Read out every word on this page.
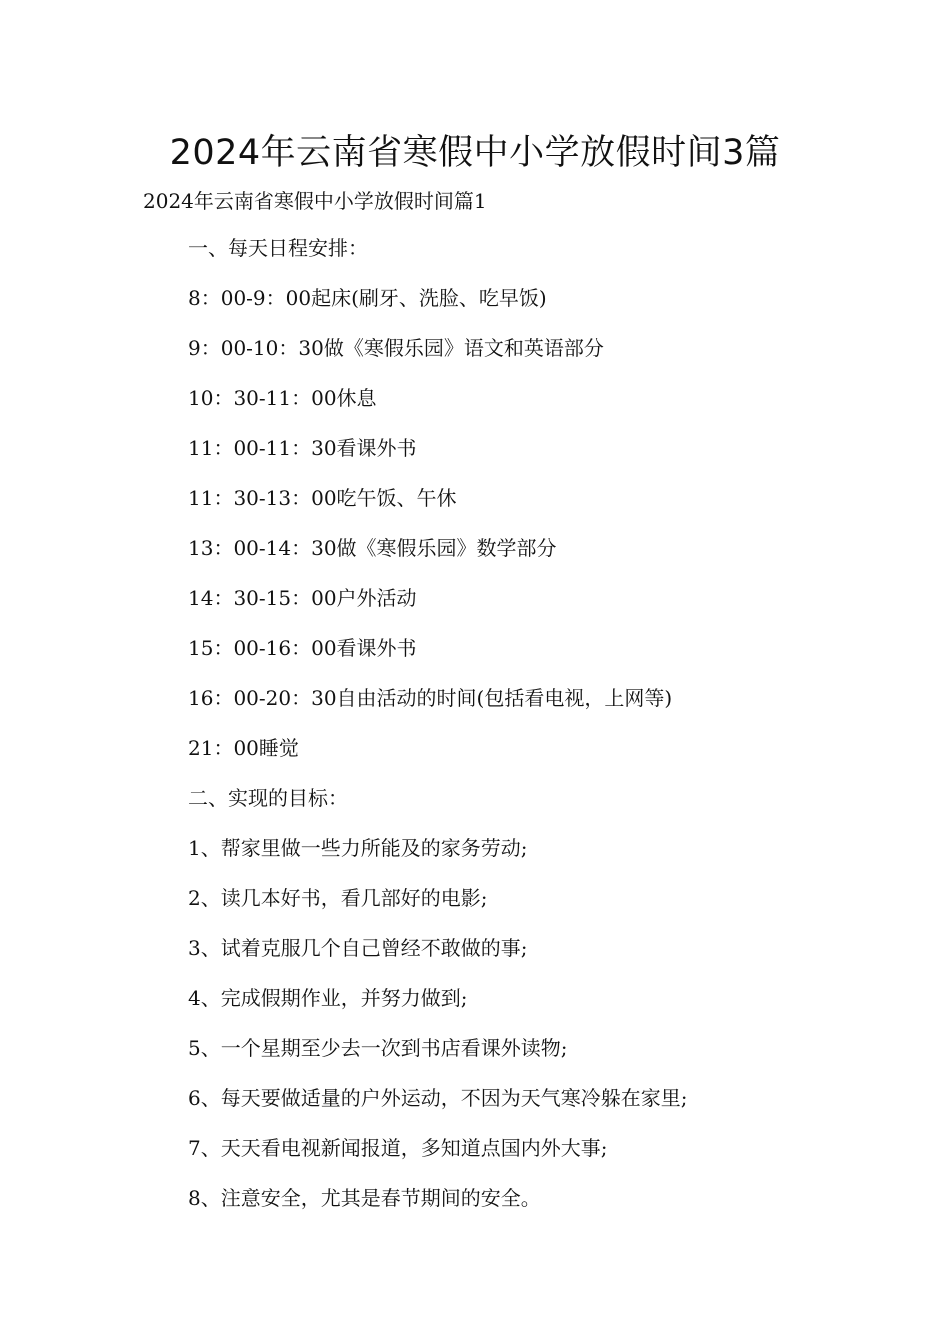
2024年云南省寒假中小学放假时间3篇

2024年云南省寒假中小学放假时间篇1

一、每天日程安排：
8：00-9：00起床(刷牙、洗脸、吃早饭)
9：00-10：30做《寒假乐园》语文和英语部分
10：30-11：00休息
11：00-11：30看课外书
11：30-13：00吃午饭、午休
13：00-14：30做《寒假乐园》数学部分
14：30-15：00户外活动
15：00-16：00看课外书
16：00-20：30自由活动的时间(包括看电视，上网等)
21：00睡觉
二、实现的目标：
1、帮家里做一些力所能及的家务劳动;
2、读几本好书，看几部好的电影;
3、试着克服几个自己曾经不敢做的事;
4、完成假期作业，并努力做到;
5、一个星期至少去一次到书店看课外读物;
6、每天要做适量的户外运动，不因为天气寒冷躲在家里;
7、天天看电视新闻报道，多知道点国内外大事;
8、注意安全，尤其是春节期间的安全。
